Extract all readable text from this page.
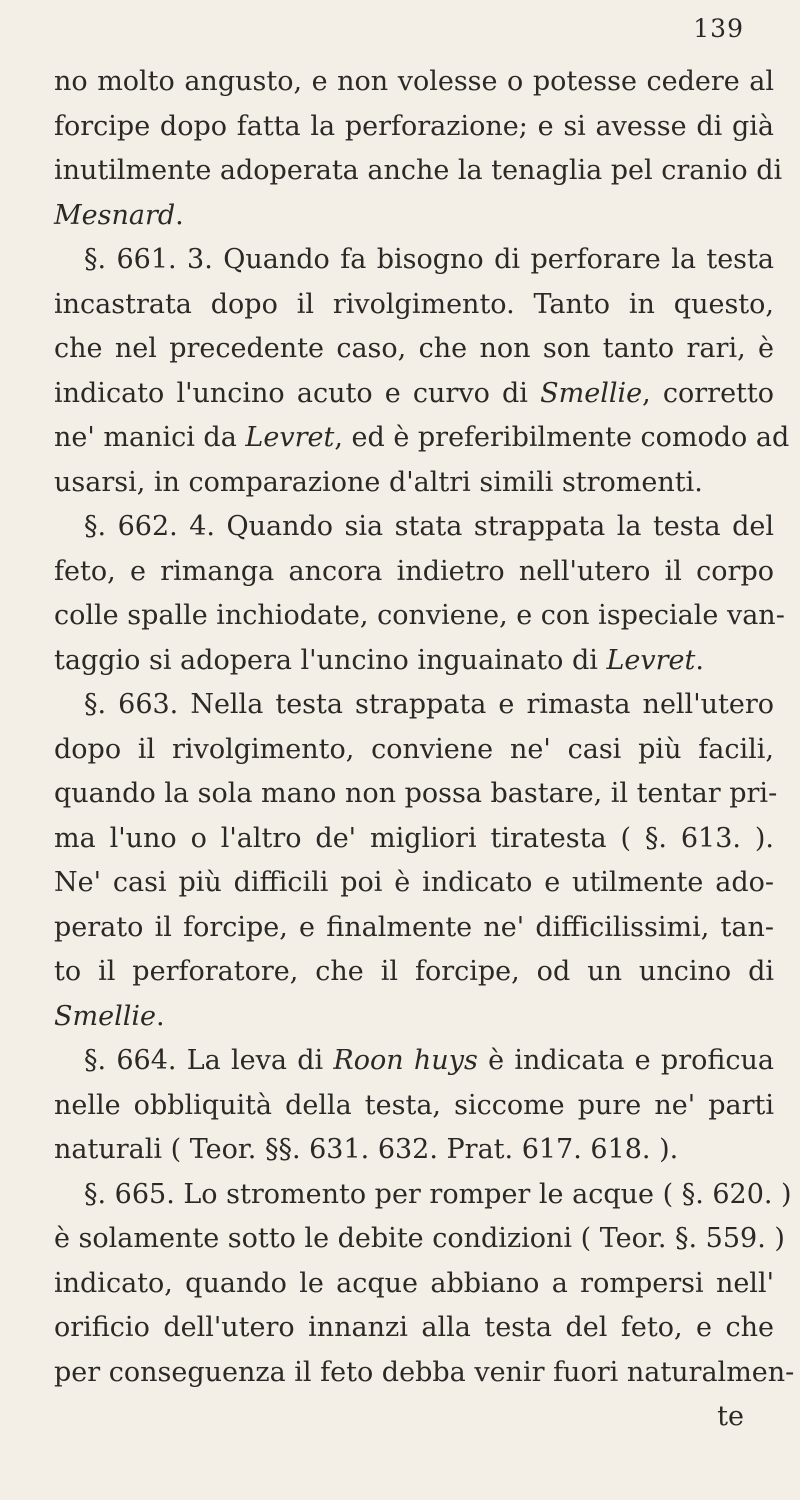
139
no molto angusto, e non volesse o potesse cedere al
forcipe dopo fatta la perforazione; e si avesse di già
inutilmente adoperata anche la tenaglia pel cranio di
Mesnard.
§. 661. 3. Quando fa bisogno di perforare la testa
incastrata dopo il rivolgimento. Tanto in questo,
che nel precedente caso, che non son tanto rari, è
indicato l'uncino acuto e curvo di Smellie, corretto
ne' manici da Levret, ed è preferibilmente comodo ad
usarsi, in comparazione d'altri simili stromenti.
§. 662. 4. Quando sia stata strappata la testa del
feto, e rimanga ancora indietro nell'utero il corpo
colle spalle inchiodate, conviene, e con ispeciale van-
taggio si adopera l'uncino inguainato di Levret.
§. 663. Nella testa strappata e rimasta nell'utero
dopo il rivolgimento, conviene ne' casi più facili,
quando la sola mano non possa bastare, il tentar pri-
ma l'uno o l'altro de' migliori tiratesta ( §. 613. ).
Ne' casi più difficili poi è indicato e utilmente ado-
perato il forcipe, e finalmente ne' difficilissimi, tan-
to il perforatore, che il forcipe, od un uncino di
Smellie.
§. 664. La leva di Roon huys è indicata e proficua
nelle obbliquità della testa, siccome pure ne' parti
naturali ( Teor. §§. 631. 632. Prat. 617. 618. ).
§. 665. Lo stromento per romper le acque ( §. 620. )
è solamente sotto le debite condizioni ( Teor. §. 559. )
indicato, quando le acque abbiano a rompersi nell'
orificio dell'utero innanzi alla testa del feto, e che
per conseguenza il feto debba venir fuori naturalmen-
te
